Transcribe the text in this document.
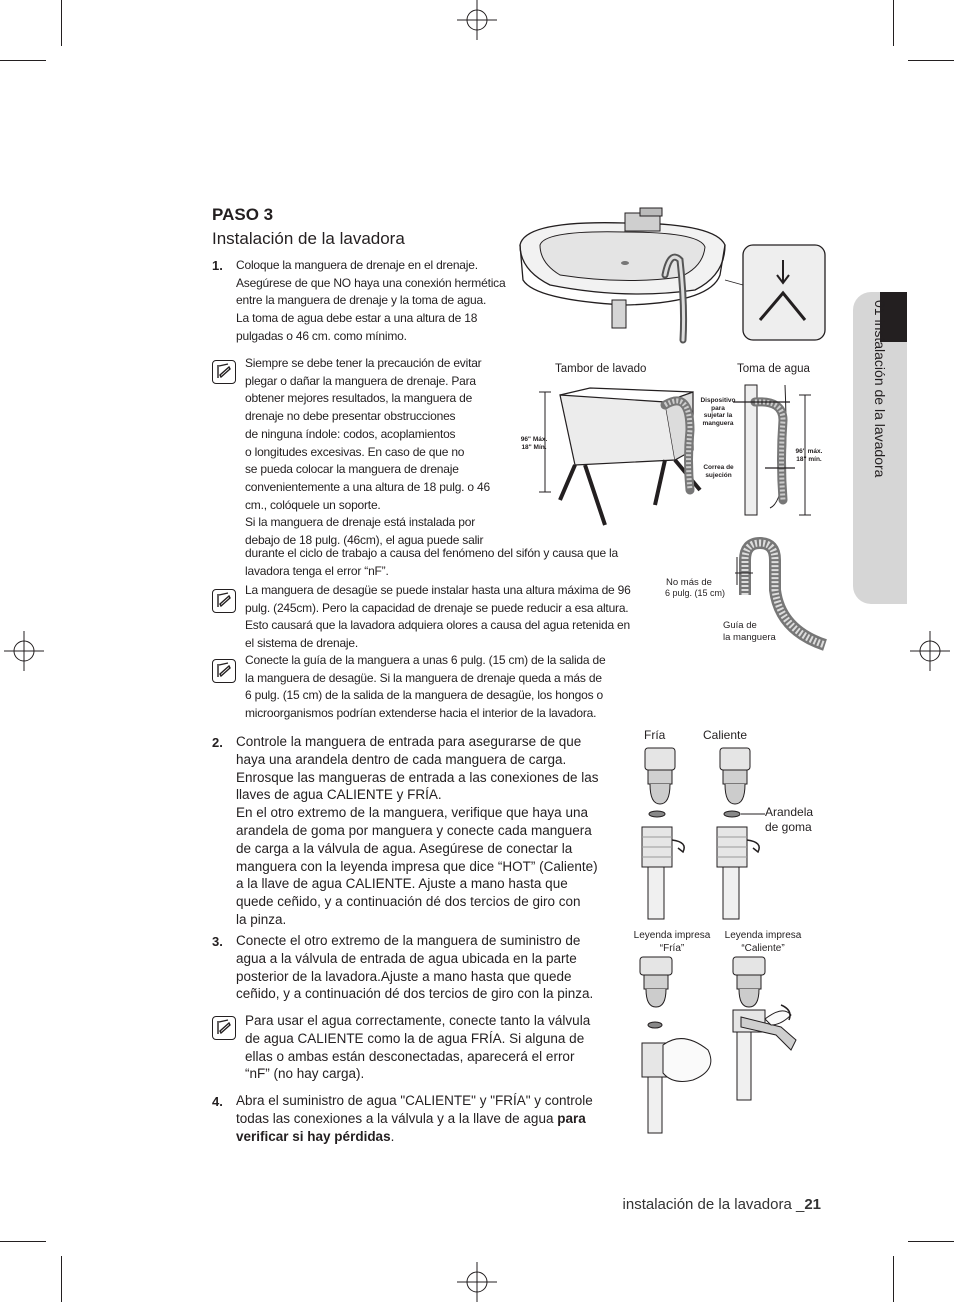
01 instalación de la lavadora
PASO 3
Instalación de la lavadora
1. Coloque la manguera de drenaje en el drenaje.
Asegúrese de que NO haya una conexión hermética
entre la manguera de drenaje y la toma de agua.
La toma de agua debe estar a una altura de 18
pulgadas o 46 cm. como mínimo.
Siempre se debe tener la precaución de evitar
plegar o dañar la manguera de drenaje. Para
obtener mejores resultados, la manguera de
drenaje no debe presentar obstrucciones
de ninguna índole: codos, acoplamientos
o longitudes excesivas. En caso de que no
se pueda colocar la manguera de drenaje
convenientemente a una altura de 18 pulg. o 46
cm., colóquele un soporte.
Si la manguera de drenaje está instalada por
debajo de 18 pulg. (46cm), el agua puede salir
durante el ciclo de trabajo a causa del fenómeno del sifón y causa que la
lavadora tenga el error “nF”.
La manguera de desagüe se puede instalar hasta una altura máxima de 96
pulg. (245cm). Pero la capacidad de drenaje se puede reducir a esa altura.
Esto causará que la lavadora adquiera olores a causa del agua retenida en
el sistema de drenaje.
Conecte la guía de la manguera a unas 6 pulg. (15 cm) de la salida de
la manguera de desagüe. Si la manguera de drenaje queda a más de
6 pulg. (15 cm) de la salida de la manguera de desagüe, los hongos o
microorganismos podrían extenderse hacia el interior de la lavadora.
2. Controle la manguera de entrada para asegurarse de que
haya una arandela dentro de cada manguera de carga.
Enrosque las mangueras de entrada a las conexiones de las
llaves de agua CALIENTE y FRÍA.
En el otro extremo de la manguera, verifique que haya una
arandela de goma por manguera y conecte cada manguera
de carga a la válvula de agua. Asegúrese de conectar la
manguera con la leyenda impresa que dice “HOT” (Caliente)
a la llave de agua CALIENTE. Ajuste a mano hasta que
quede ceñido, y a continuación dé dos tercios de giro con
la pinza.
3. Conecte el otro extremo de la manguera de suministro de
agua a la válvula de entrada de agua ubicada en la parte
posterior de la lavadora.Ajuste a mano hasta que quede
ceñido, y a continuación dé dos tercios de giro con la pinza.
Para usar el agua correctamente, conecte tanto la válvula
de agua CALIENTE como la de agua FRÍA. Si alguna de
ellas o ambas están desconectadas, aparecerá el error
“nF” (no hay carga).
4. Abra el suministro de agua "CALIENTE" y "FRÍA" y controle
todas las conexiones a la válvula y a la llave de agua para
verificar si hay pérdidas.
Tambor de lavado	Toma de agua
Dispositivo
para
sujetar la
manguera
Correa de
sujeción
96" Máx.
18" Mín.
96" máx.
18" mín.
No más de
6 pulg. (15 cm)
Guía de
la manguera
Fría	Caliente
Arandela
de goma
Leyenda impresa
“Fría”
Leyenda impresa
“Caliente”
instalación de la lavadora _21
